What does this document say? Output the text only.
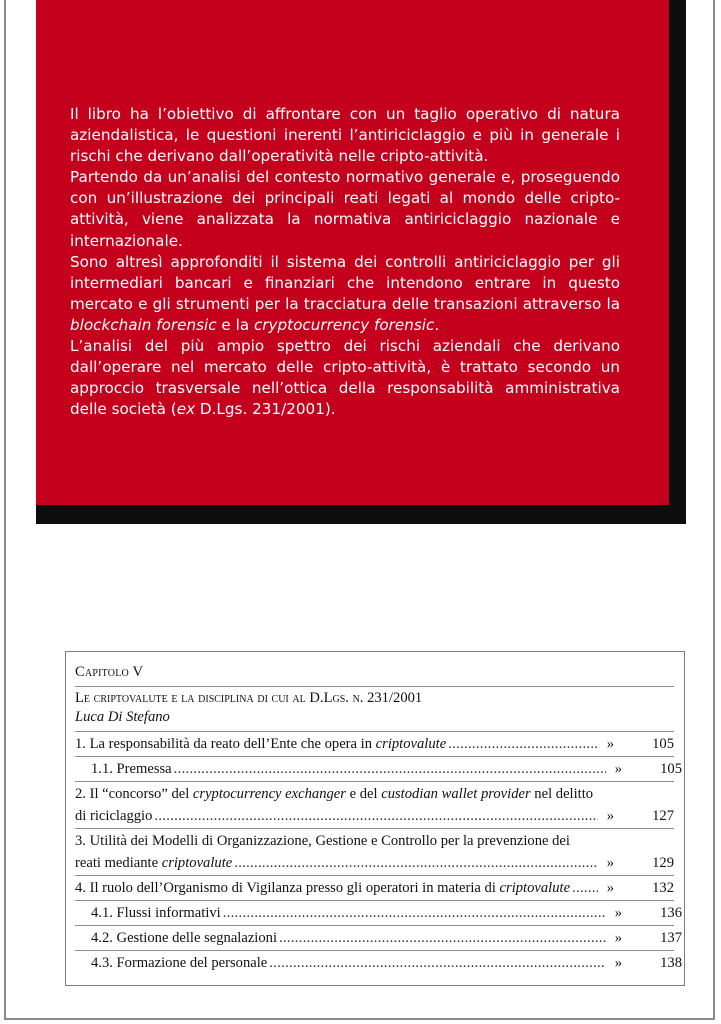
Il libro ha l’obiettivo di affrontare con un taglio operativo di natura aziendalistica, le questioni inerenti l’antiriciclaggio e più in generale i rischi che derivano dall’operatività nelle cripto-attività.

Partendo da un’analisi del contesto normativo generale e, proseguendo con un’illustrazione dei principali reati legati al mondo delle cripto-attività, viene analizzata la normativa antiriciclaggio nazionale e internazionale.

Sono altresì approfonditi il sistema dei controlli antiriciclaggio per gli intermediari bancari e finanziari che intendono entrare in questo mercato e gli strumenti per la tracciatura delle transazioni attraverso la blockchain forensic e la cryptocurrency forensic.

L’analisi del più ampio spettro dei rischi aziendali che derivano dall’operare nel mercato delle cripto-attività, è trattato secondo un approccio trasversale nell’ottica della responsabilità amministrativa delle società (ex D.Lgs. 231/2001).

Capitolo V
Le criptovalute e la disciplina di cui al D.Lgs. n. 231/2001
Luca Di Stefano
1. La responsabilità da reato dell’Ente che opera in criptovalute .....	»	105
1.1. Premessa .....	»	105
2. Il “concorso” del cryptocurrency exchanger e del custodian wallet provider nel delitto
di riciclaggio .....	»	127
3. Utilità dei Modelli di Organizzazione, Gestione e Controllo per la prevenzione dei
reati mediante criptovalute .....	»	129
4. Il ruolo dell’Organismo di Vigilanza presso gli operatori in materia di criptovalute .....	»	132
4.1. Flussi informativi .....	»	136
4.2. Gestione delle segnalazioni .....	»	137
4.3. Formazione del personale .....	»	138
